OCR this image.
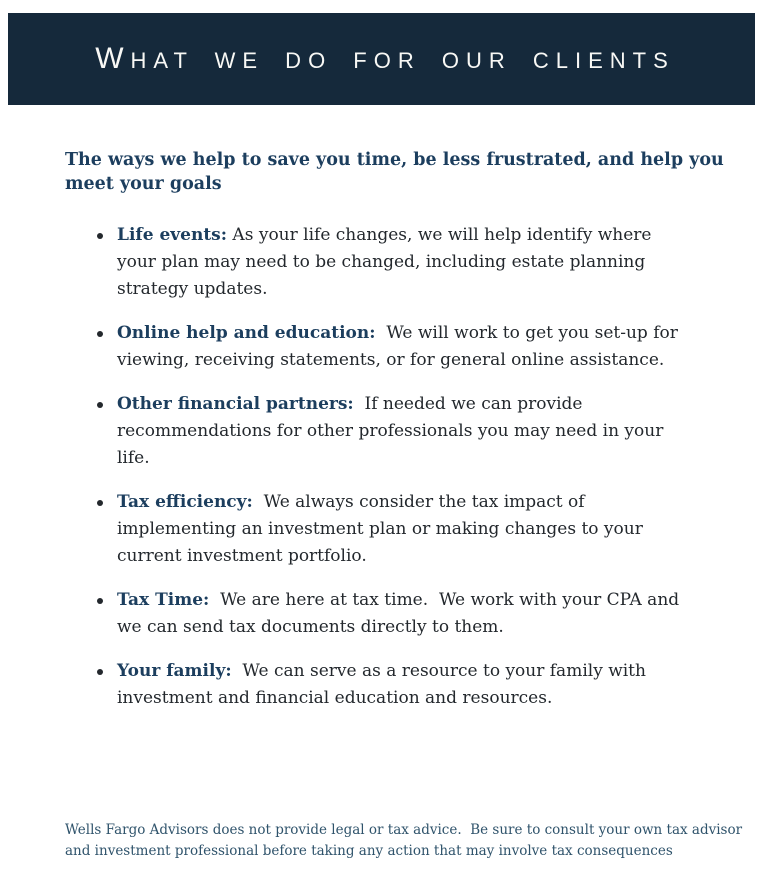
WHAT WE DO FOR OUR CLIENTS
The ways we help to save you time, be less frustrated, and help you
meet your goals
Life events: As your life changes, we will help identify where your plan may need to be changed, including estate planning strategy updates.
Online help and education:  We will work to get you set-up for viewing, receiving statements, or for general online assistance.
Other financial partners:  If needed we can provide recommendations for other professionals you may need in your life.
Tax efficiency:  We always consider the tax impact of implementing an investment plan or making changes to your current investment portfolio.
Tax Time:  We are here at tax time.  We work with your CPA and we can send tax documents directly to them.
Your family:  We can serve as a resource to your family with investment and financial education and resources.
Wells Fargo Advisors does not provide legal or tax advice.  Be sure to consult your own tax advisor
and investment professional before taking any action that may involve tax consequences
